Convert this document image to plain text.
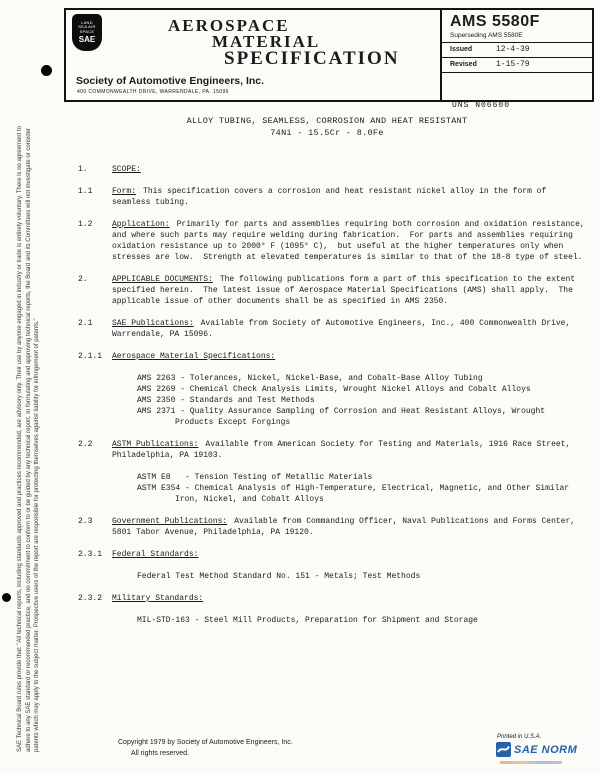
SAE Technical Board rules provide that: "All technical reports, including standards approved and practices recommended, are advisory only. Their use by anyone engaged in industry or trade is entirely voluntary. There is no agreement to adhere to any SAE standard or recommended practice, and no commitment to conform to or be guided by any technical report. In formulating and approving technical reports, the Board and its Committees will not investigate or consider patents which may apply to the subject matter. Prospective users of the report are responsible for protecting themselves against liability for infringement of patents."
LAND SEA AIR SPACE
SAE
AEROSPACE
MATERIAL
SPECIFICATION
Society of Automotive Engineers, Inc.
400 COMMONWEALTH DRIVE, WARRENDALE, PA. 15096
AMS 5580F
Superseding AMS 5580E
Issued	12-4-39
Revised	1-15-79
UNS N06600
ALLOY TUBING, SEAMLESS, CORROSION AND HEAT RESISTANT
74Ni - 15.5Cr - 8.0Fe
1.	SCOPE:
1.1	Form: This specification covers a corrosion and heat resistant nickel alloy in the form of seamless tubing.
1.2	Application: Primarily for parts and assemblies requiring both corrosion and oxidation resistance, and where such parts may require welding during fabrication.  For parts and assemblies requiring oxidation resistance up to 2000° F (1095° C),  but useful at the higher temperatures only when stresses are low.  Strength at elevated temperatures is similar to that of the 18-8 type of steel.
2.	APPLICABLE DOCUMENTS: The following publications form a part of this specification to the extent specified herein.  The latest issue of Aerospace Material Specifications (AMS) shall apply.  The applicable issue of other documents shall be as specified in AMS 2350.
2.1	SAE Publications: Available from Society of Automotive Engineers, Inc., 400 Commonwealth Drive, Warrendale, PA 15096.
2.1.1	Aerospace Material Specifications:
AMS 2263 - Tolerances, Nickel, Nickel-Base, and Cobalt-Base Alloy Tubing
AMS 2269 - Chemical Check Analysis Limits, Wrought Nickel Alloys and Cobalt Alloys
AMS 2350 - Standards and Test Methods
AMS 2371 - Quality Assurance Sampling of Corrosion and Heat Resistant Alloys, Wrought Products Except Forgings
2.2	ASTM Publications: Available from American Society for Testing and Materials, 1916 Race Street, Philadelphia, PA 19103.
ASTM E8   - Tension Testing of Metallic Materials
ASTM E354 - Chemical Analysis of High-Temperature, Electrical, Magnetic, and Other Similar Iron, Nickel, and Cobalt Alloys
2.3	Government Publications: Available from Commanding Officer, Naval Publications and Forms Center, 5801 Tabor Avenue, Philadelphia, PA 19120.
2.3.1	Federal Standards:
Federal Test Method Standard No. 151 - Metals; Test Methods
2.3.2	Military Standards:
MIL-STD-163 - Steel Mill Products, Preparation for Shipment and Storage
Copyright 1979 by Society of Automotive Engineers, Inc.
All rights reserved.
Printed in U.S.A.
SAE NORM
